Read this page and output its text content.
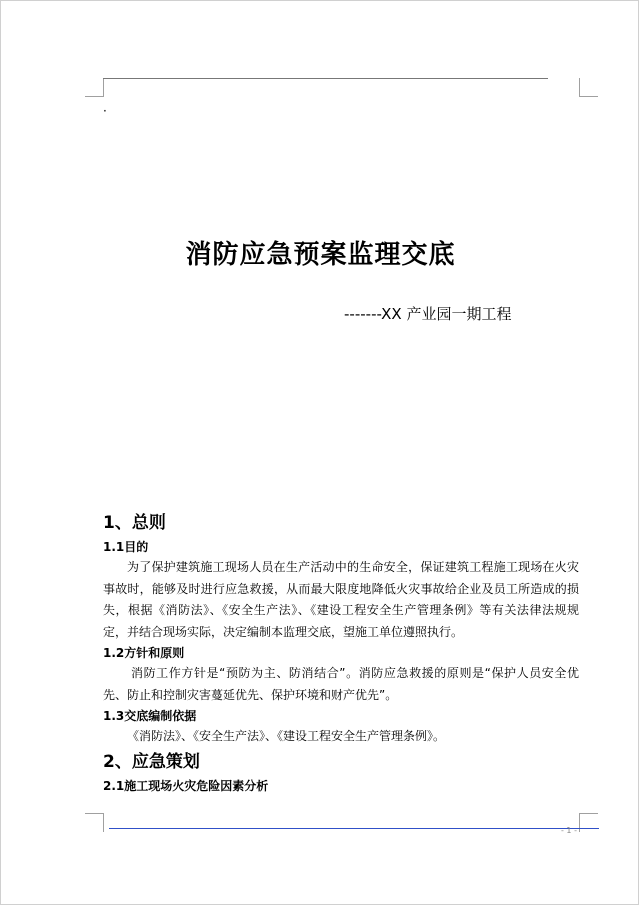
·
消防应急预案监理交底
-------XX 产业园一期工程
1、总则
1.1目的

为了保护建筑施工现场人员在生产活动中的生命安全，保证建筑工程施工现场在火灾事故时，能够及时进行应急救援，从而最大限度地降低火灾事故给企业及员工所造成的损失，根据《消防法》、《安全生产法》、《建设工程安全生产管理条例》等有关法律法规规定，并结合现场实际，决定编制本监理交底，望施工单位遵照执行。

1.2方针和原则

消防工作方针是“预防为主、防消结合”。消防应急救援的原则是“保护人员安全优先、防止和控制灾害蔓延优先、保护环境和财产优先”。

1.3交底编制依据

《消防法》、《安全生产法》、《建设工程安全生产管理条例》。

2、应急策划
2.1施工现场火灾危险因素分析
- 1 -
